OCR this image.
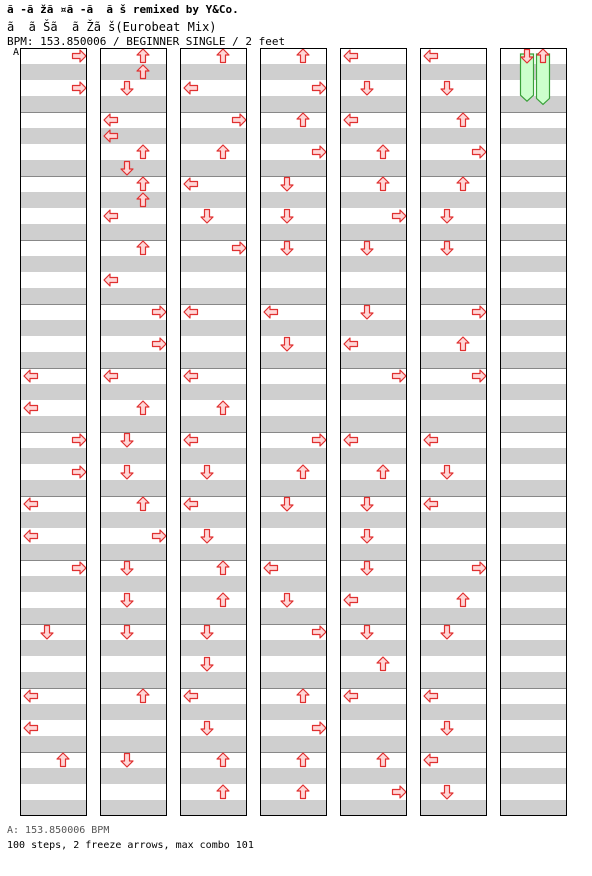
ã -ã žã ¤ã -ã  ã š remixed by Y&Co.
ã  ã Šã  ã Žã š(Eurobeat Mix)
BPM: 153.850006 / BEGINNER SINGLE / 2 feet
A
A: 153.850006 BPM
100 steps, 2 freeze arrows, max combo 101
